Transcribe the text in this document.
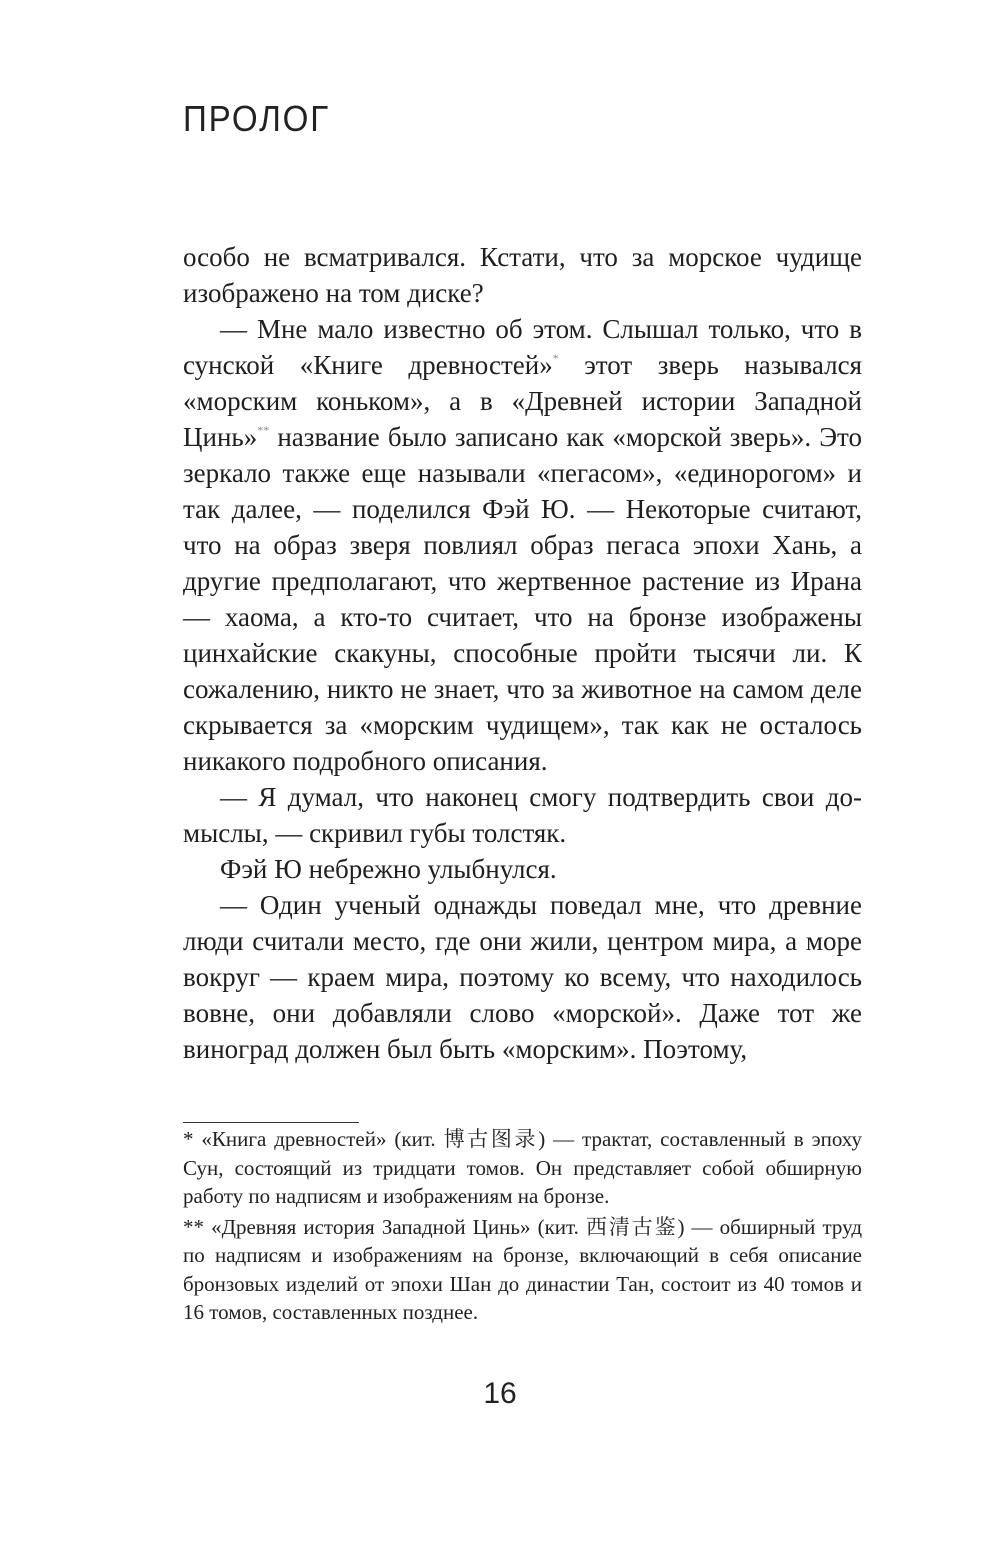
ПРОЛОГ

особо не всматривался. Кстати, что за морское чудище изображено на том диске?

— Мне мало известно об этом. Слышал только, что в сунской «Книге древностей»* этот зверь назывался «морским коньком», а в «Древней истории Западной Цинь»** название было записано как «морской зверь». Это зеркало также еще называли «пегасом», «единорогом» и так далее, — поделился Фэй Ю. — Некоторые считают, что на образ зверя повлиял образ пегаса эпохи Хань, а другие предполагают, что жертвенное растение из Ирана — хаома, а кто-то считает, что на бронзе изображены цинхайские скакуны, способные пройти тысячи ли. К сожалению, никто не знает, что за животное на самом деле скрывается за «морским чудищем», так как не осталось никакого подробного описания.

— Я думал, что наконец смогу подтвердить свои домыслы, — скривил губы толстяк.

Фэй Ю небрежно улыбнулся.

— Один ученый однажды поведал мне, что древние люди считали место, где они жили, центром мира, а море вокруг — краем мира, поэтому ко всему, что находилось вовне, они добавляли слово «морской». Даже тот же виноград должен был быть «морским». Поэтому,

* «Книга древностей» (кит. 博古图录) — трактат, составленный в эпоху Сун, состоящий из тридцати томов. Он представляет собой обширную работу по надписям и изображениям на бронзе.

** «Древняя история Западной Цинь» (кит. 西清古鉴) — обширный труд по надписям и изображениям на бронзе, включающий в себя описание бронзовых изделий от эпохи Шан до династии Тан, состоит из 40 томов и 16 томов, составленных позднее.

16
